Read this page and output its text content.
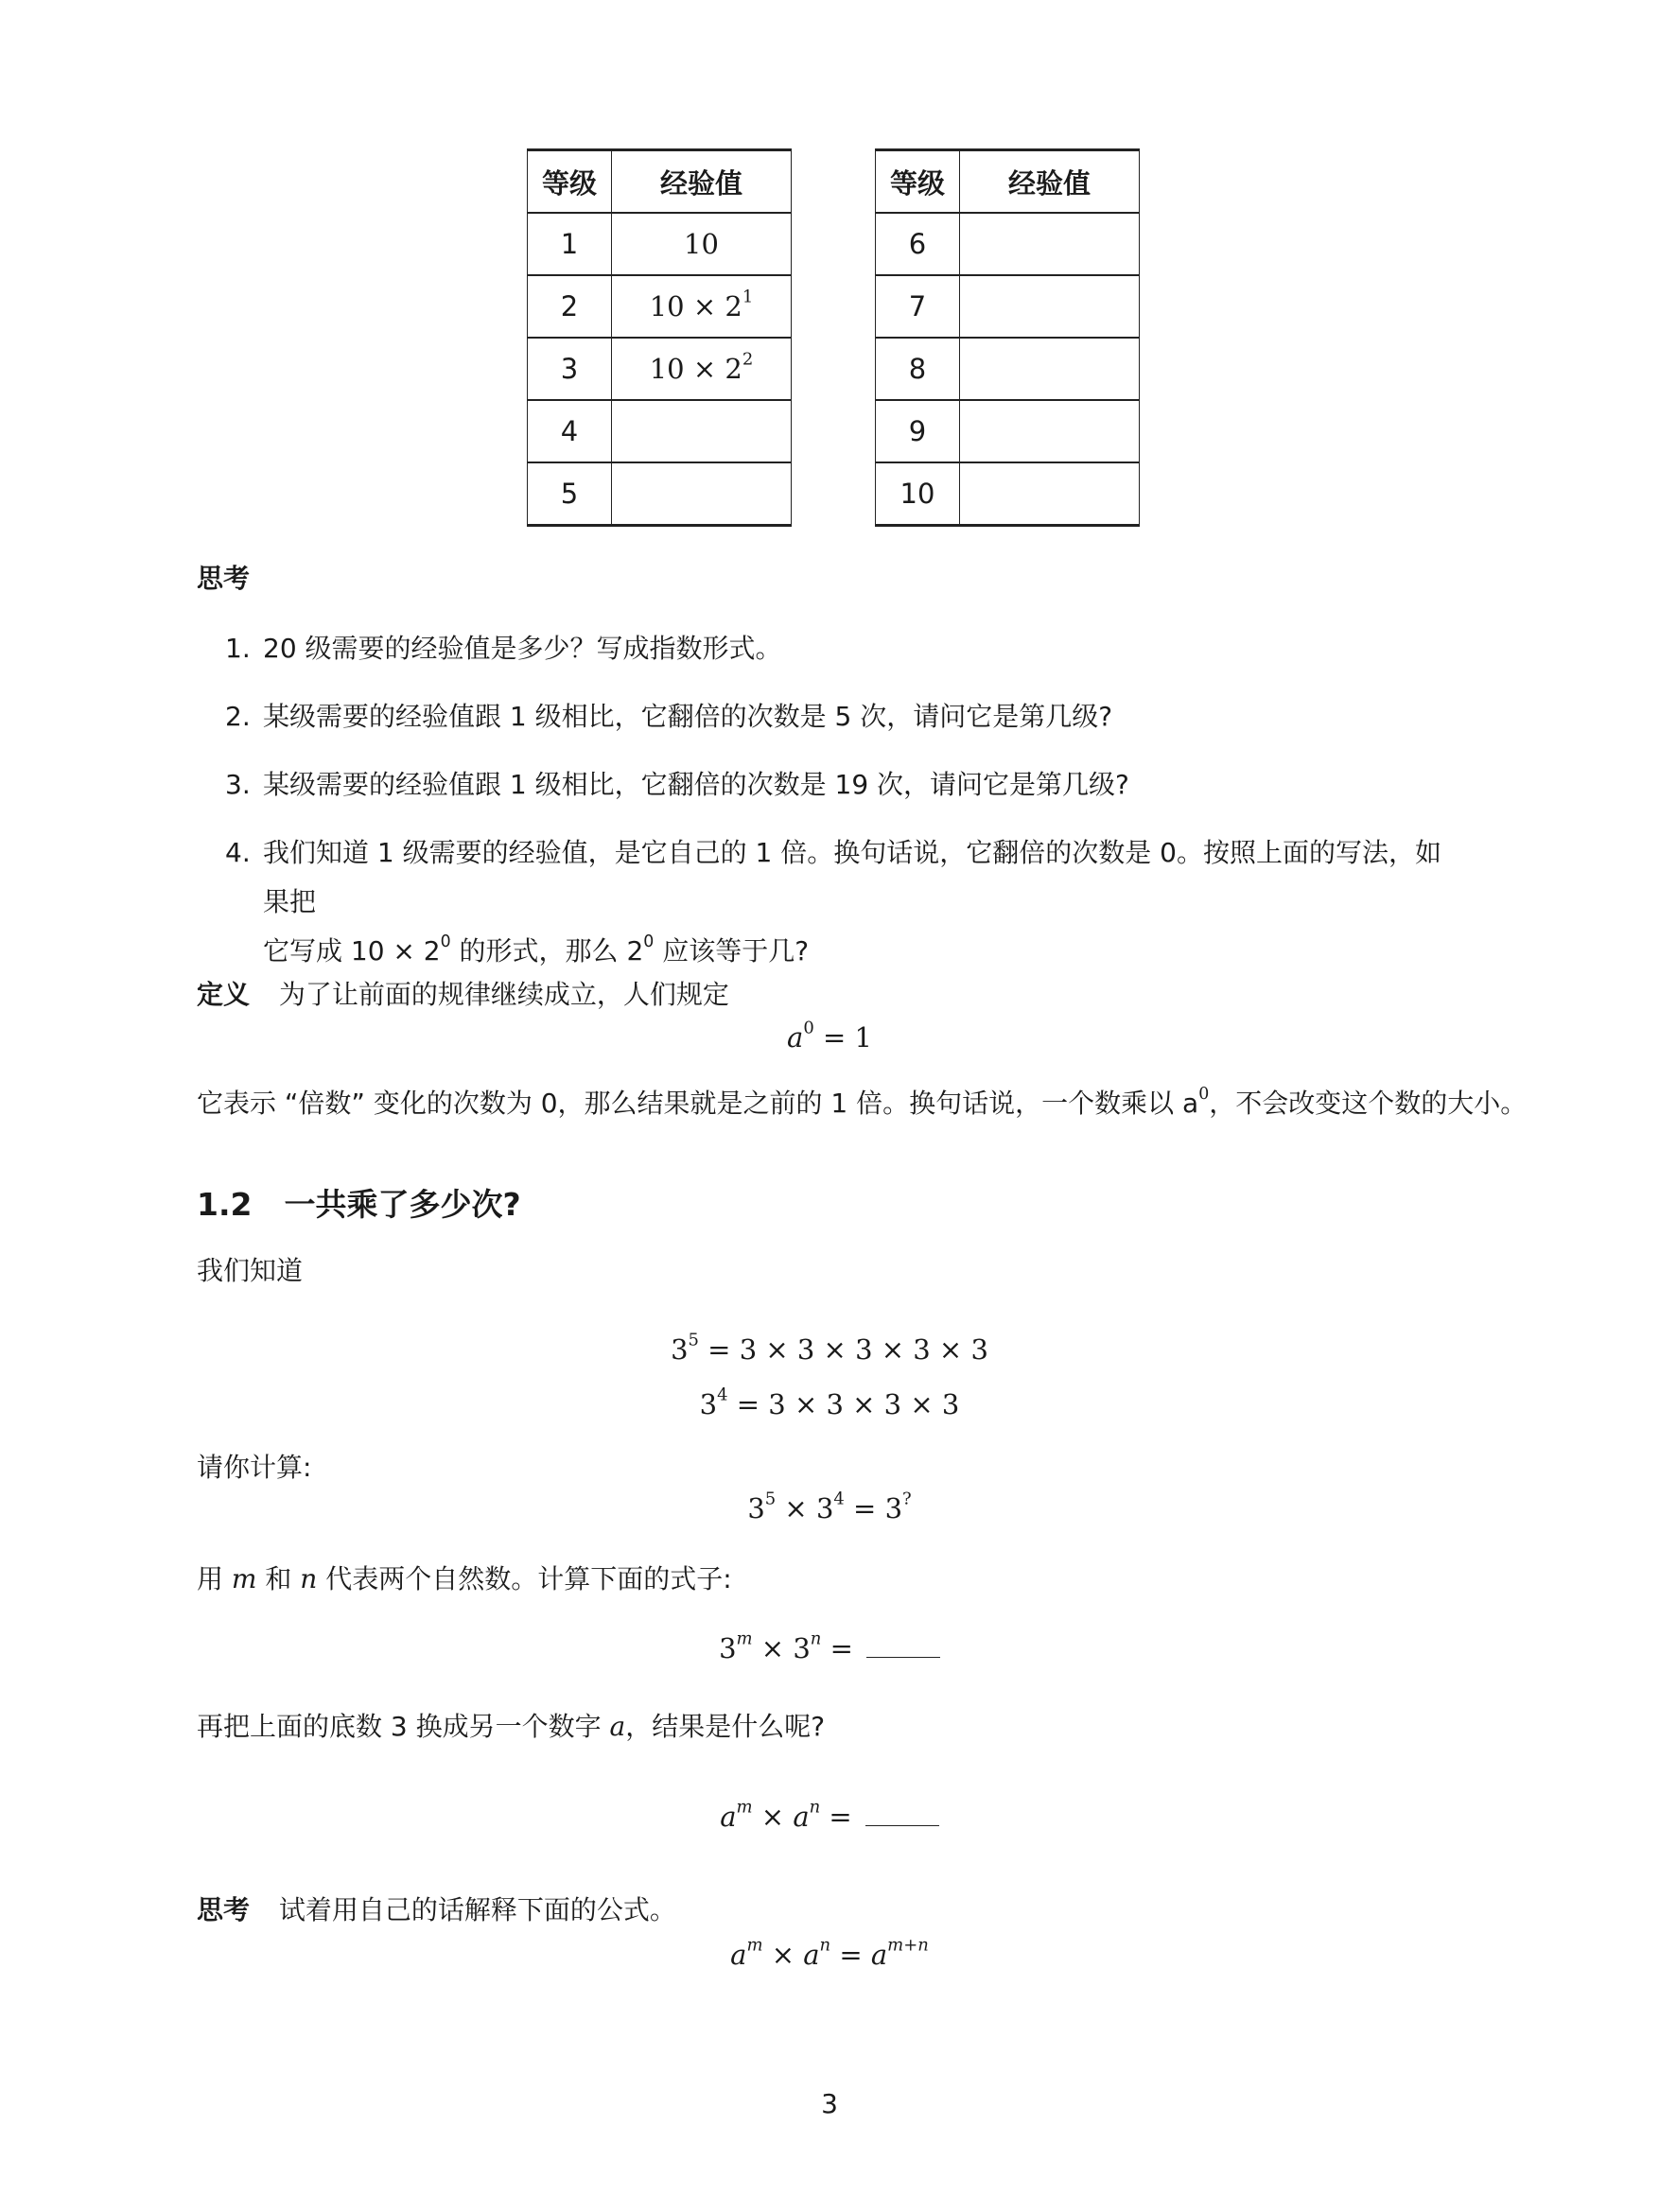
等级	经验值
1	10
2	$10 \times 2^1$
3	$10 \times 2^2$
4	
5	
等级	经验值
6	
7	
8	
9	
10	
思考
1. 20 级需要的经验值是多少？写成指数形式。
2. 某级需要的经验值跟 1 级相比，它翻倍的次数是 5 次，请问它是第几级?
3. 某级需要的经验值跟 1 级相比，它翻倍的次数是 19 次，请问它是第几级?
4. 我们知道 1 级需要的经验值，是它自己的 1 倍。换句话说，它翻倍的次数是 0。按照上面的写法，如果把
它写成 $10 \times 2^0$ 的形式，那么 $2^0$ 应该等于几?
定义 为了让前面的规律继续成立，人们规定
$a^0 = 1$
它表示 “倍数” 变化的次数为 0，那么结果就是之前的 1 倍。换句话说，一个数乘以 $a^0$，不会改变这个数的大小。
1.2 一共乘了多少次?
我们知道
$3^5 = 3 \times 3 \times 3 \times 3 \times 3$
$3^4 = 3 \times 3 \times 3 \times 3$
请你计算:
$3^5 \times 3^4 = 3^?$
用 m 和 n 代表两个自然数。计算下面的式子:
$3^m \times 3^n$ =
再把上面的底数 3 换成另一个数字 a，结果是什么呢?
$a^m \times a^n$ =
思考 试着用自己的话解释下面的公式。
$a^m \times a^n = a^{m+n}$
3
